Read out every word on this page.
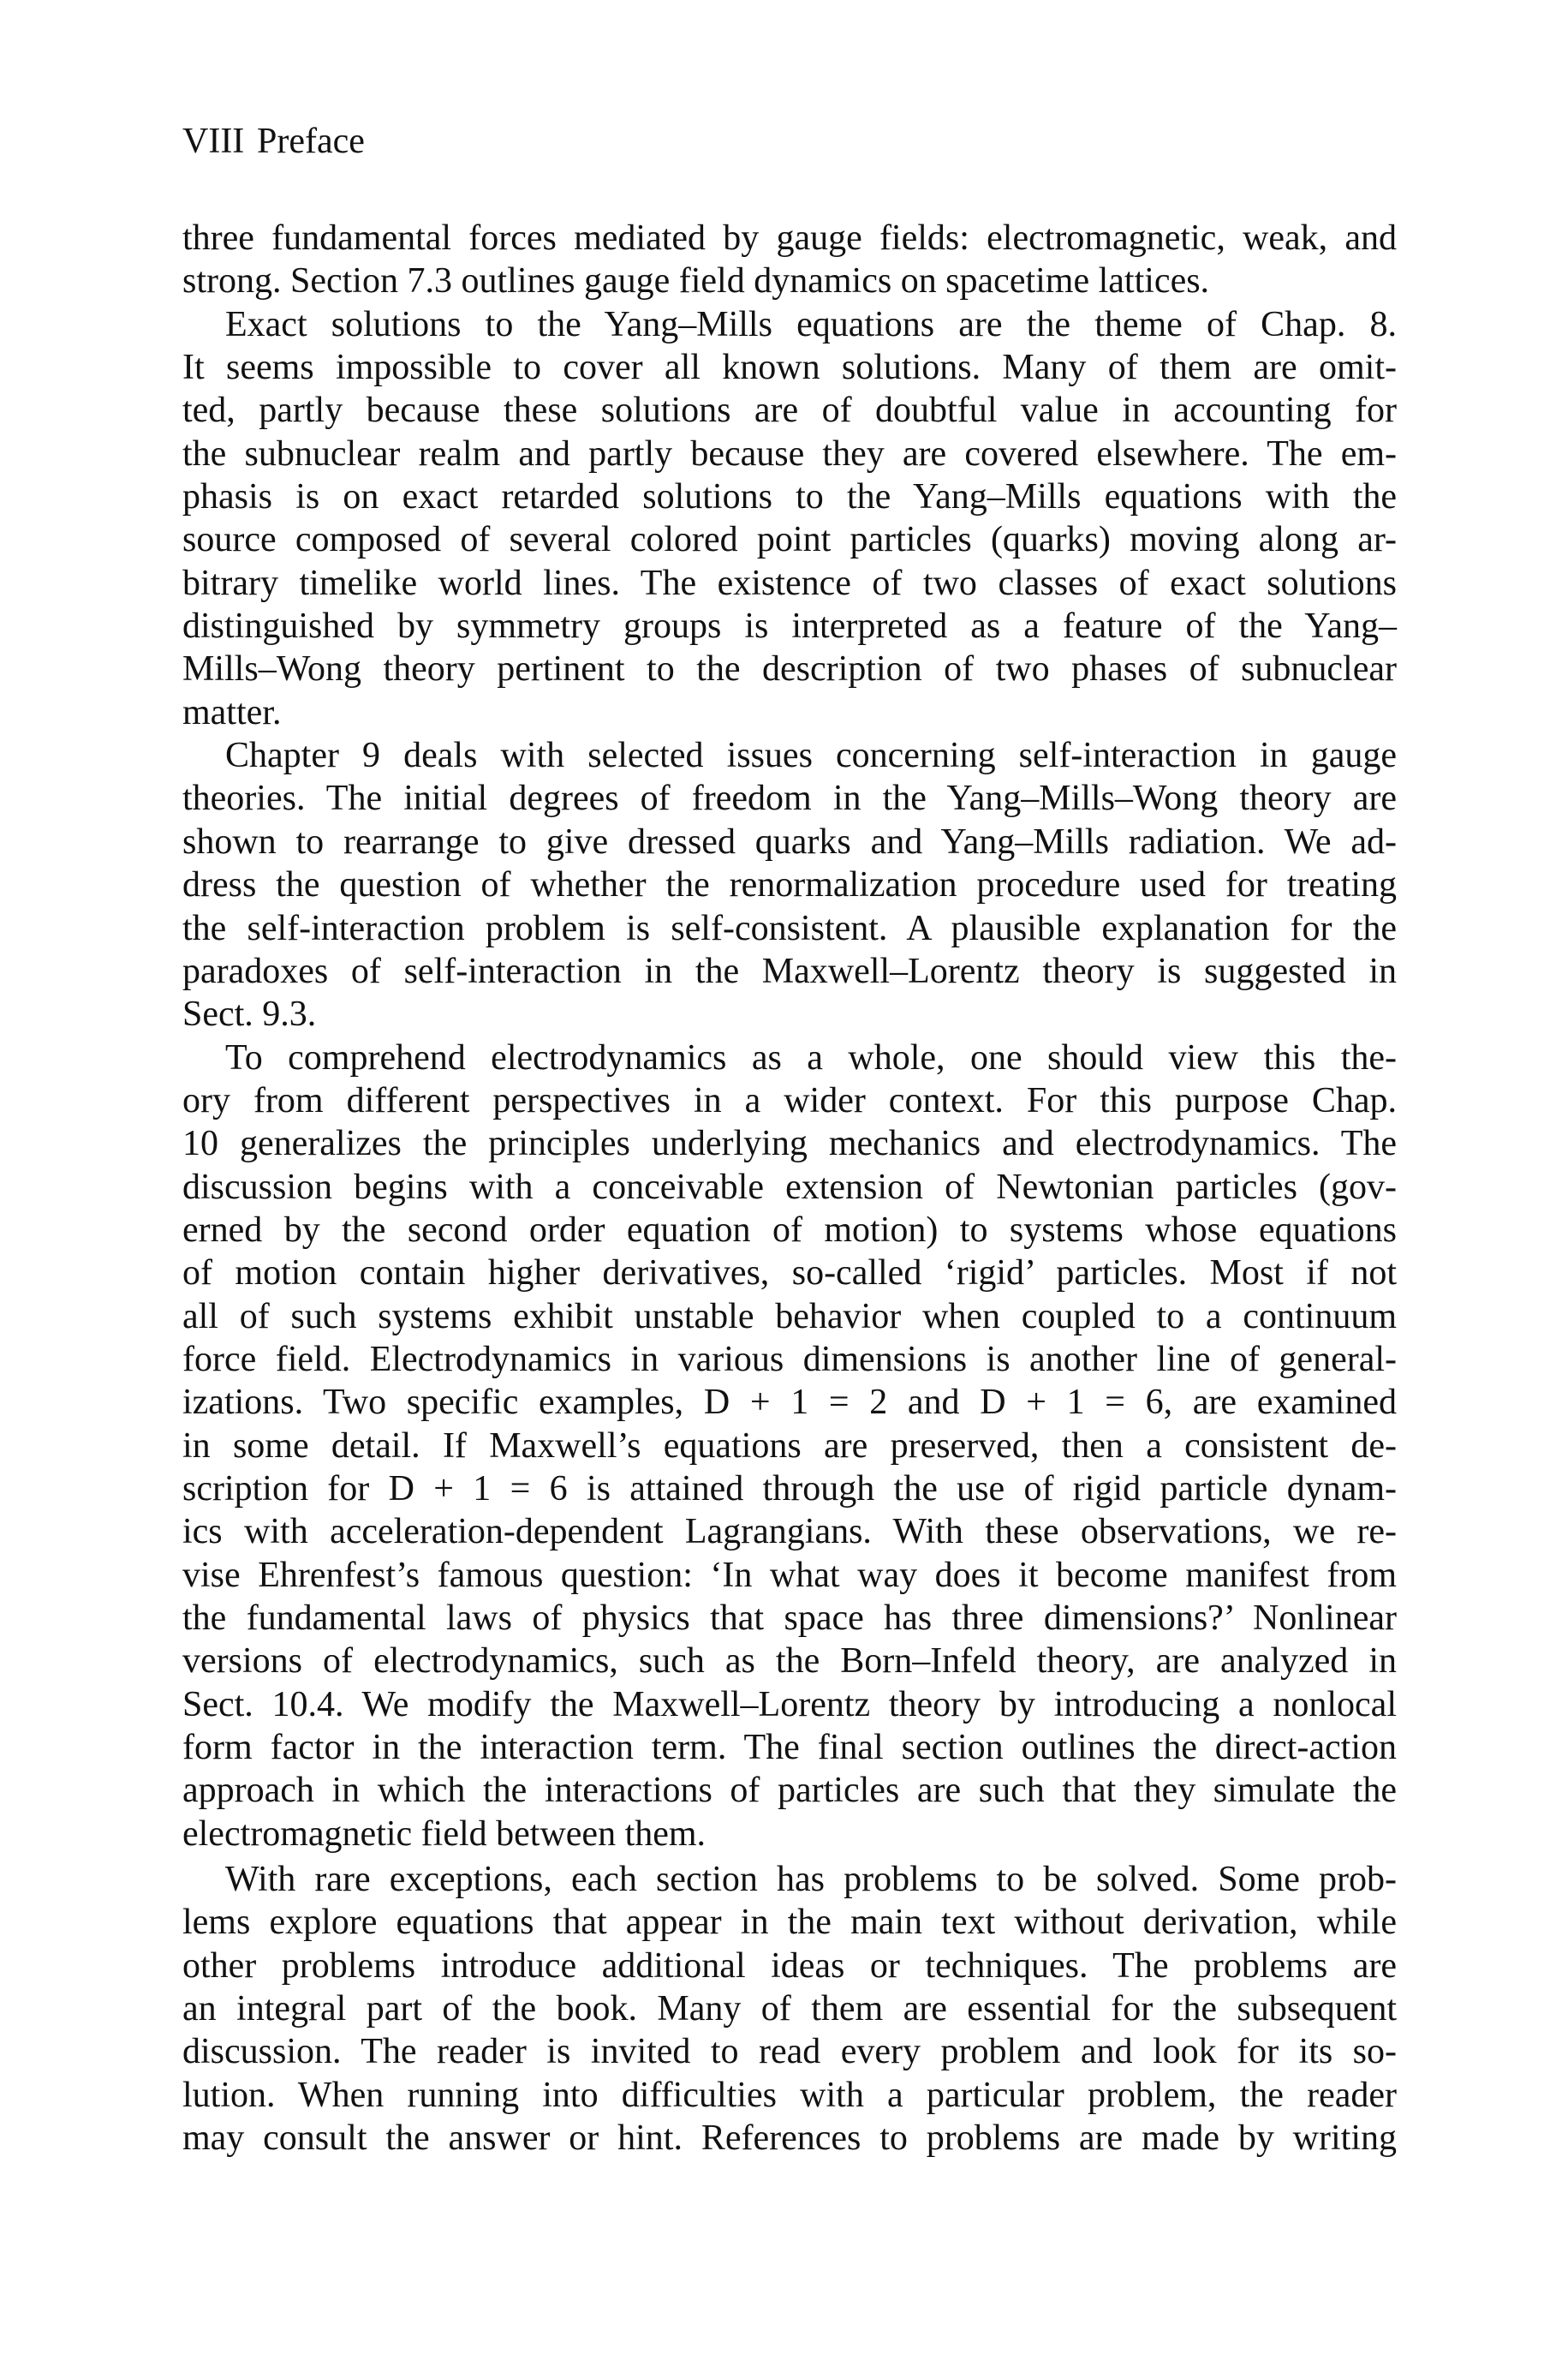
VIII Preface
three fundamental forces mediated by gauge fields: electromagnetic, weak, and
strong. Section 7.3 outlines gauge field dynamics on spacetime lattices.
Exact solutions to the Yang–Mills equations are the theme of Chap. 8.
It seems impossible to cover all known solutions. Many of them are omit-
ted, partly because these solutions are of doubtful value in accounting for
the subnuclear realm and partly because they are covered elsewhere. The em-
phasis is on exact retarded solutions to the Yang–Mills equations with the
source composed of several colored point particles (quarks) moving along ar-
bitrary timelike world lines. The existence of two classes of exact solutions
distinguished by symmetry groups is interpreted as a feature of the Yang–
Mills–Wong theory pertinent to the description of two phases of subnuclear
matter.
Chapter 9 deals with selected issues concerning self-interaction in gauge
theories. The initial degrees of freedom in the Yang–Mills–Wong theory are
shown to rearrange to give dressed quarks and Yang–Mills radiation. We ad-
dress the question of whether the renormalization procedure used for treating
the self-interaction problem is self-consistent. A plausible explanation for the
paradoxes of self-interaction in the Maxwell–Lorentz theory is suggested in
Sect. 9.3.
To comprehend electrodynamics as a whole, one should view this the-
ory from different perspectives in a wider context. For this purpose Chap.
10 generalizes the principles underlying mechanics and electrodynamics. The
discussion begins with a conceivable extension of Newtonian particles (gov-
erned by the second order equation of motion) to systems whose equations
of motion contain higher derivatives, so-called ‘rigid’ particles. Most if not
all of such systems exhibit unstable behavior when coupled to a continuum
force field. Electrodynamics in various dimensions is another line of general-
izations. Two specific examples, D + 1 = 2 and D + 1 = 6, are examined
in some detail. If Maxwell’s equations are preserved, then a consistent de-
scription for D + 1 = 6 is attained through the use of rigid particle dynam-
ics with acceleration-dependent Lagrangians. With these observations, we re-
vise Ehrenfest’s famous question: ‘In what way does it become manifest from
the fundamental laws of physics that space has three dimensions?’ Nonlinear
versions of electrodynamics, such as the Born–Infeld theory, are analyzed in
Sect. 10.4. We modify the Maxwell–Lorentz theory by introducing a nonlocal
form factor in the interaction term. The final section outlines the direct-action
approach in which the interactions of particles are such that they simulate the
electromagnetic field between them.
With rare exceptions, each section has problems to be solved. Some prob-
lems explore equations that appear in the main text without derivation, while
other problems introduce additional ideas or techniques. The problems are
an integral part of the book. Many of them are essential for the subsequent
discussion. The reader is invited to read every problem and look for its so-
lution. When running into difficulties with a particular problem, the reader
may consult the answer or hint. References to problems are made by writing
